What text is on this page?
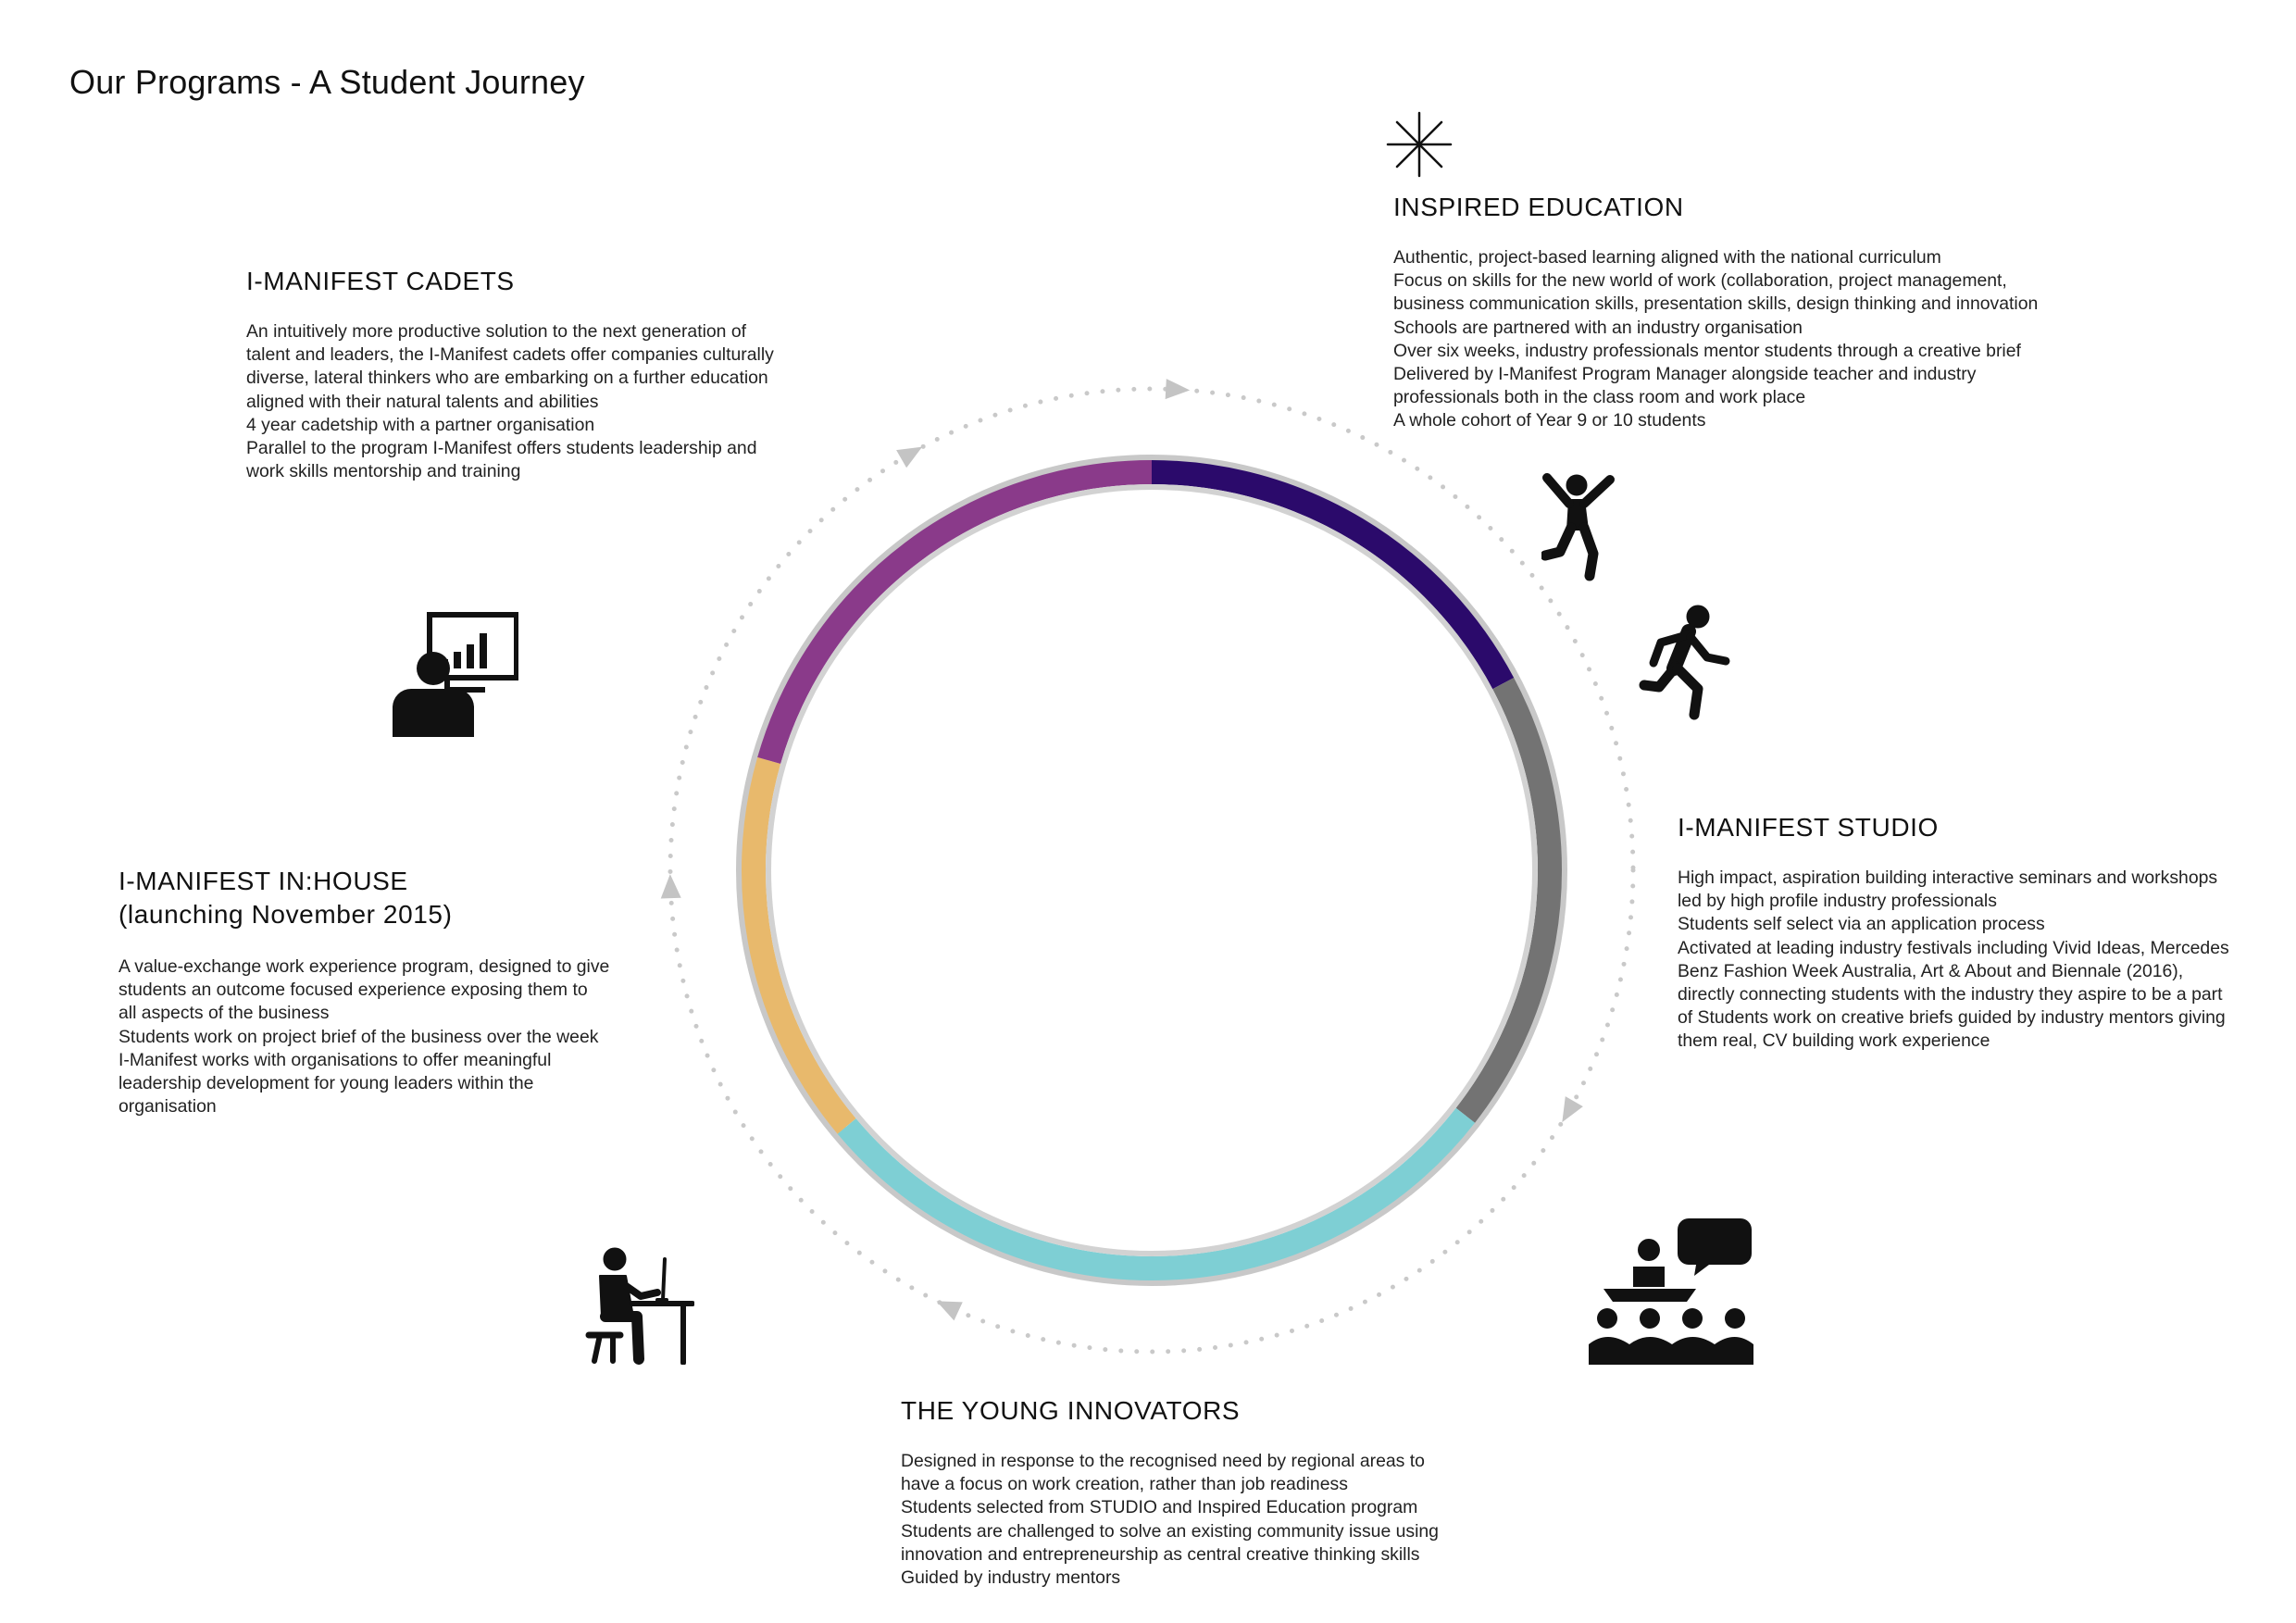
Our Programs - A Student Journey
I-MANIFEST CADETS

An intuitively more productive solution to the next generation of

talent and leaders, the I-Manifest cadets offer companies culturally

diverse, lateral thinkers who are embarking on a further education

aligned with their natural talents and abilities

4 year cadetship with a partner organisation

Parallel to the program I-Manifest offers students leadership and

work skills mentorship and training

INSPIRED EDUCATION

Authentic, project-based learning aligned with the national curriculum

Focus on skills for the new world of work (collaboration, project management,

business communication skills, presentation skills, design thinking and innovation

Schools are partnered with an industry organisation

Over six weeks, industry professionals mentor students through a creative brief

Delivered by I-Manifest Program Manager alongside teacher and industry

professionals both in the class room and work place

A whole cohort of Year 9 or 10 students

I-MANIFEST STUDIO

High impact, aspiration building interactive seminars and workshops

led by high profile industry professionals

Students self select via an application process

Activated at leading industry festivals including Vivid Ideas, Mercedes

Benz Fashion Week Australia, Art & About and Biennale (2016),

directly connecting students with the industry they aspire to be a part

of Students work on creative briefs guided by industry mentors giving

them real, CV building work experience

I-MANIFEST IN:HOUSE
(launching November 2015)

A value-exchange work experience program, designed to give

students an outcome focused experience exposing them to

all aspects of the business

Students work on project brief of the business over the week

I-Manifest works with organisations to offer meaningful

leadership development for young leaders within the

organisation

THE YOUNG INNOVATORS

Designed in response to the recognised need by regional areas to

have a focus on work creation, rather than job readiness

Students selected from STUDIO and Inspired Education program

Students are challenged to solve an existing community issue using

innovation and entrepreneurship as central creative thinking skills

Guided by industry mentors
